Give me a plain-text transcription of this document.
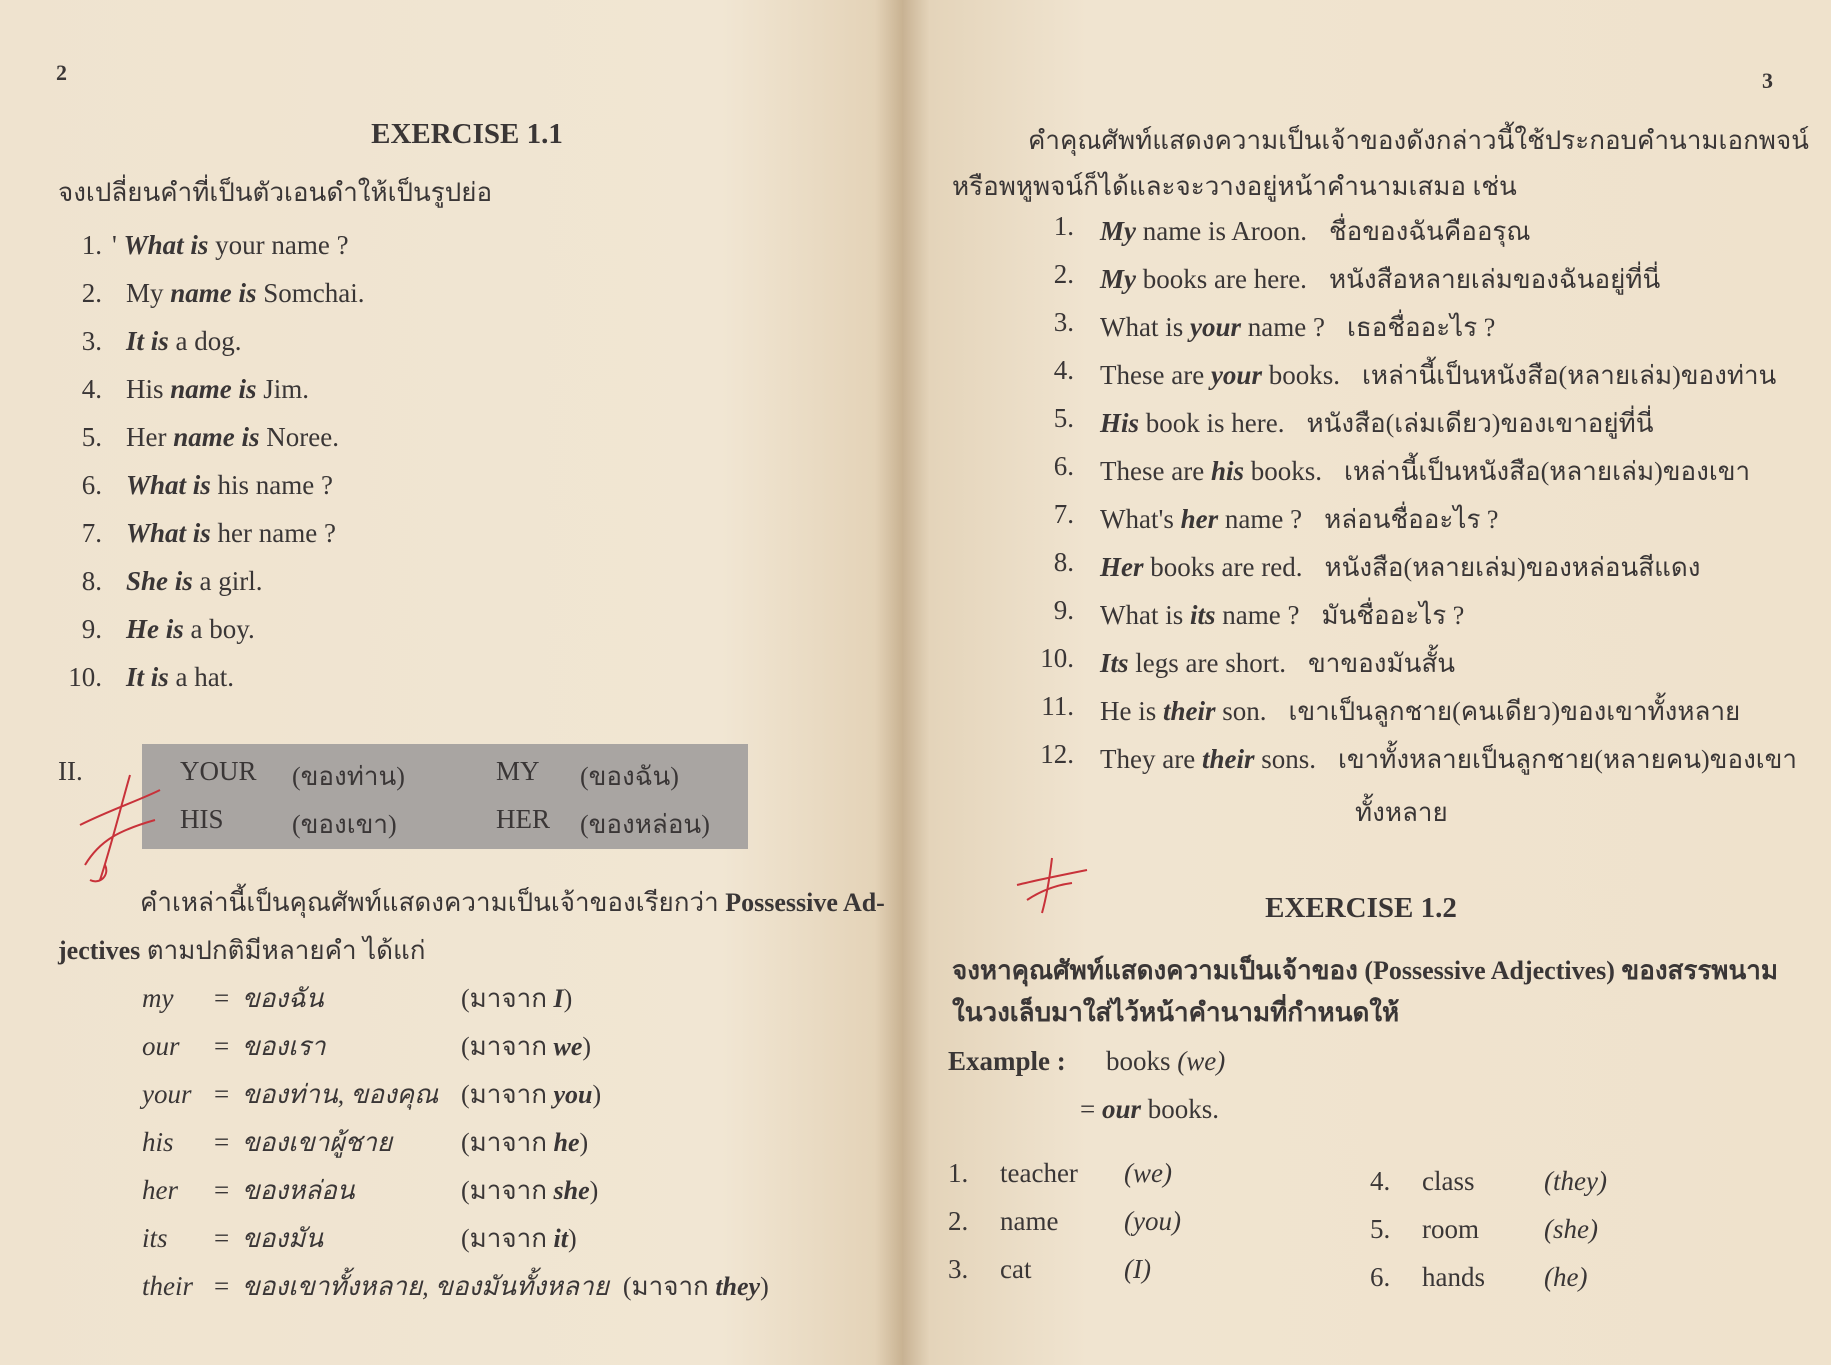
2
EXERCISE 1.1
จงเปลี่ยนคำที่เป็นตัวเอนดำให้เป็นรูปย่อ
1. ' What is your name ?
2. My name is Somchai.
3. It is a dog.
4. His name is Jim.
5. Her name is Noree.
6. What is his name ?
7. What is her name ?
8. She is a girl.
9. He is a boy.
10. It is a hat.
II.	YOUR (ของท่าน)	MY (ของฉัน)
HIS	(ของเขา)	HER (ของหล่อน)
คำเหล่านี้เป็นคุณศัพท์แสดงความเป็นเจ้าของเรียกว่า Possessive Ad-
jectives ตามปกติมีหลายคำ ได้แก่
my	= ของฉัน	(มาจาก I)
our	= ของเรา	(มาจาก we)
your = ของท่าน, ของคุณ (มาจาก you)
his	= ของเขาผู้ชาย	(มาจาก he)
her	= ของหล่อน	(มาจาก she)
its	= ของมัน	(มาจาก it)
their = ของเขาทั้งหลาย, ของมันทั้งหลาย (มาจาก they)
3
คำคุณศัพท์แสดงความเป็นเจ้าของดังกล่าวนี้ใช้ประกอบคำนามเอกพจน์
หรือพหูพจน์ก็ได้และจะวางอยู่หน้าคำนามเสมอ เช่น
1. My name is Aroon. ชื่อของฉันคืออรุณ
2. My books are here. หนังสือหลายเล่มของฉันอยู่ที่นี่
3. What is your name ? เธอชื่ออะไร ?
4. These are your books. เหล่านี้เป็นหนังสือ(หลายเล่ม)ของท่าน
5. His book is here. หนังสือ(เล่มเดียว)ของเขาอยู่ที่นี่
6. These are his books. เหล่านี้เป็นหนังสือ(หลายเล่ม)ของเขา
7. What's her name ? หล่อนชื่ออะไร ?
8. Her books are red. หนังสือ(หลายเล่ม)ของหล่อนสีแดง
9. What is its name ? มันชื่ออะไร ?
10. Its legs are short. ขาของมันสั้น
11. He is their son. เขาเป็นลูกชาย(คนเดียว)ของเขาทั้งหลาย
12. They are their sons. เขาทั้งหลายเป็นลูกชาย(หลายคน)ของเขา
ทั้งหลาย
EXERCISE 1.2
จงหาคุณศัพท์แสดงความเป็นเจ้าของ (Possessive Adjectives) ของสรรพนาม
ในวงเล็บมาใส่ไว้หน้าคำนามที่กำหนดให้
Example : books (we)
= our books.
1. teacher (we)
2. name (you)
3. cat	(I)
4. class	(they)
5. room (she)
6. hands (he)
